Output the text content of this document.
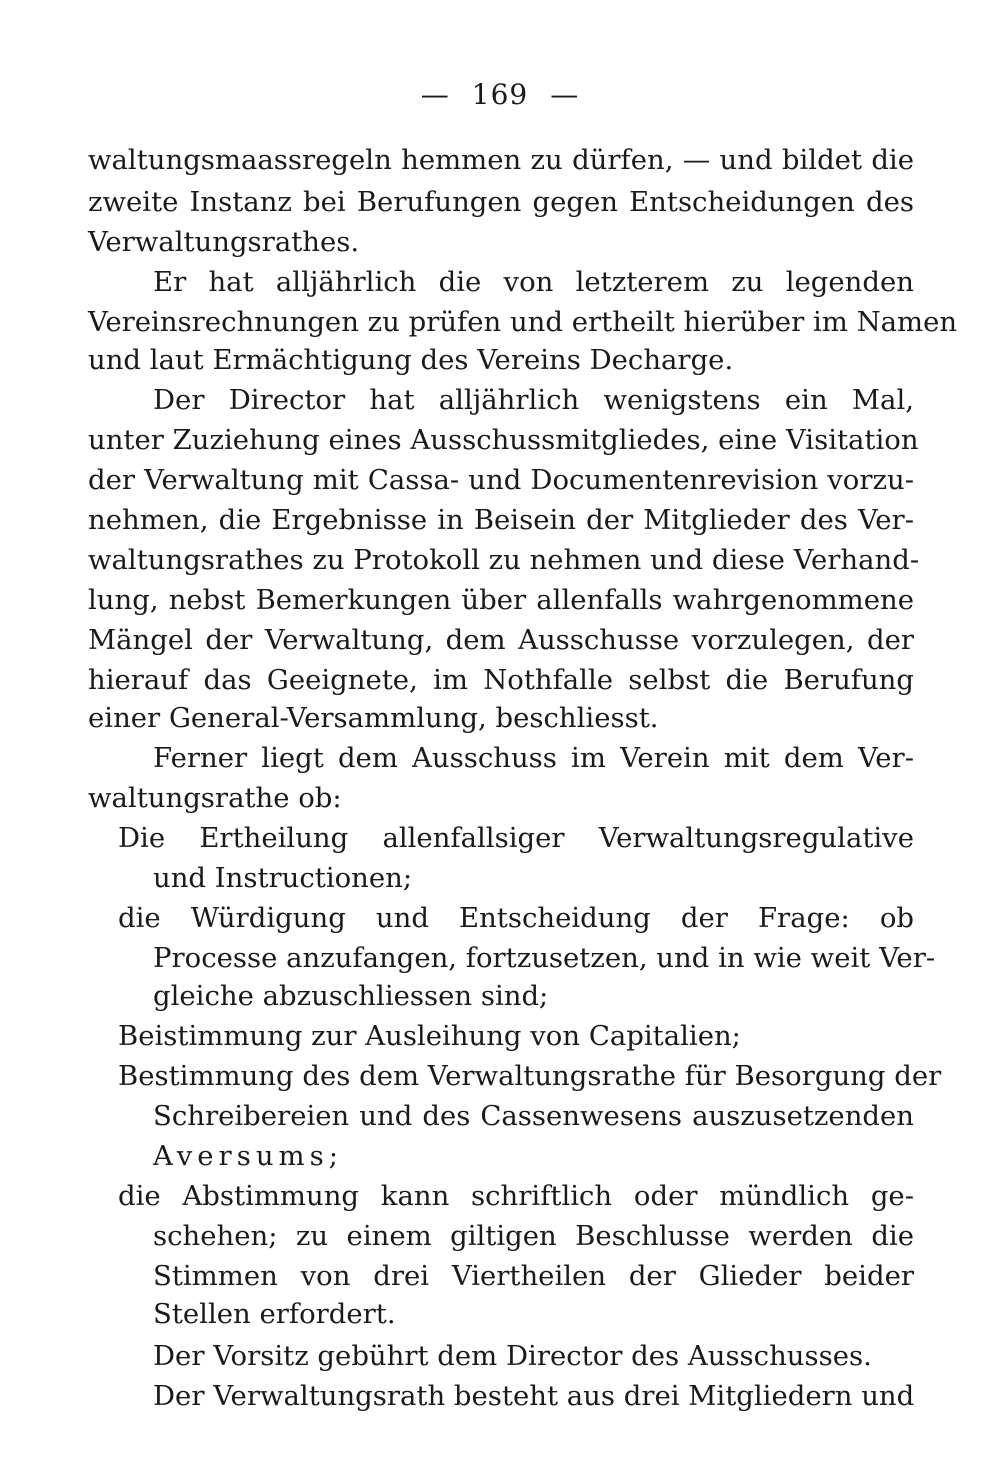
— 169 —
waltungsmaassregeln hemmen zu dürfen, — und bildet die
zweite Instanz bei Berufungen gegen Entscheidungen des
Verwaltungsrathes.
Er hat alljährlich die von letzterem zu legenden
Vereinsrechnungen zu prüfen und ertheilt hierüber im Namen
und laut Ermächtigung des Vereins Decharge.
Der Director hat alljährlich wenigstens ein Mal,
unter Zuziehung eines Ausschussmitgliedes, eine Visitation
der Verwaltung mit Cassa- und Documentenrevision vorzu-
nehmen, die Ergebnisse in Beisein der Mitglieder des Ver-
waltungsrathes zu Protokoll zu nehmen und diese Verhand-
lung, nebst Bemerkungen über allenfalls wahrgenommene
Mängel der Verwaltung, dem Ausschusse vorzulegen, der
hierauf das Geeignete, im Nothfalle selbst die Berufung
einer General-Versammlung, beschliesst.
Ferner liegt dem Ausschuss im Verein mit dem Ver-
waltungsrathe ob:
Die Ertheilung allenfallsiger Verwaltungsregulative
und Instructionen;
die Würdigung und Entscheidung der Frage: ob
Processe anzufangen, fortzusetzen, und in wie weit Ver-
gleiche abzuschliessen sind;
Beistimmung zur Ausleihung von Capitalien;
Bestimmung des dem Verwaltungsrathe für Besorgung der
Schreibereien und des Cassenwesens auszusetzenden
Aversums;
die Abstimmung kann schriftlich oder mündlich ge-
schehen; zu einem giltigen Beschlusse werden die
Stimmen von drei Viertheilen der Glieder beider
Stellen erfordert.
Der Vorsitz gebührt dem Director des Ausschusses.
Der Verwaltungsrath besteht aus drei Mitgliedern und
